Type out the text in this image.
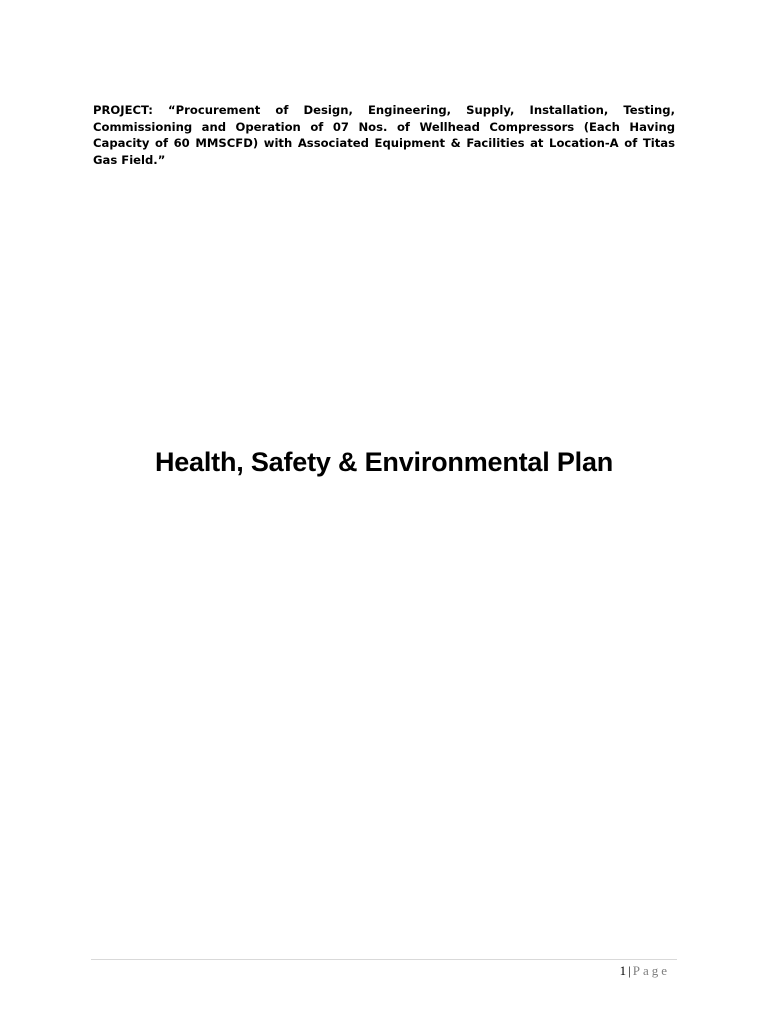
PROJECT: “Procurement of Design, Engineering, Supply, Installation, Testing, Commissioning and Operation of 07 Nos. of Wellhead Compressors (Each Having Capacity of 60 MMSCFD) with Associated Equipment & Facilities at Location-A of Titas Gas Field.”
Health, Safety & Environmental Plan
1 | Page
